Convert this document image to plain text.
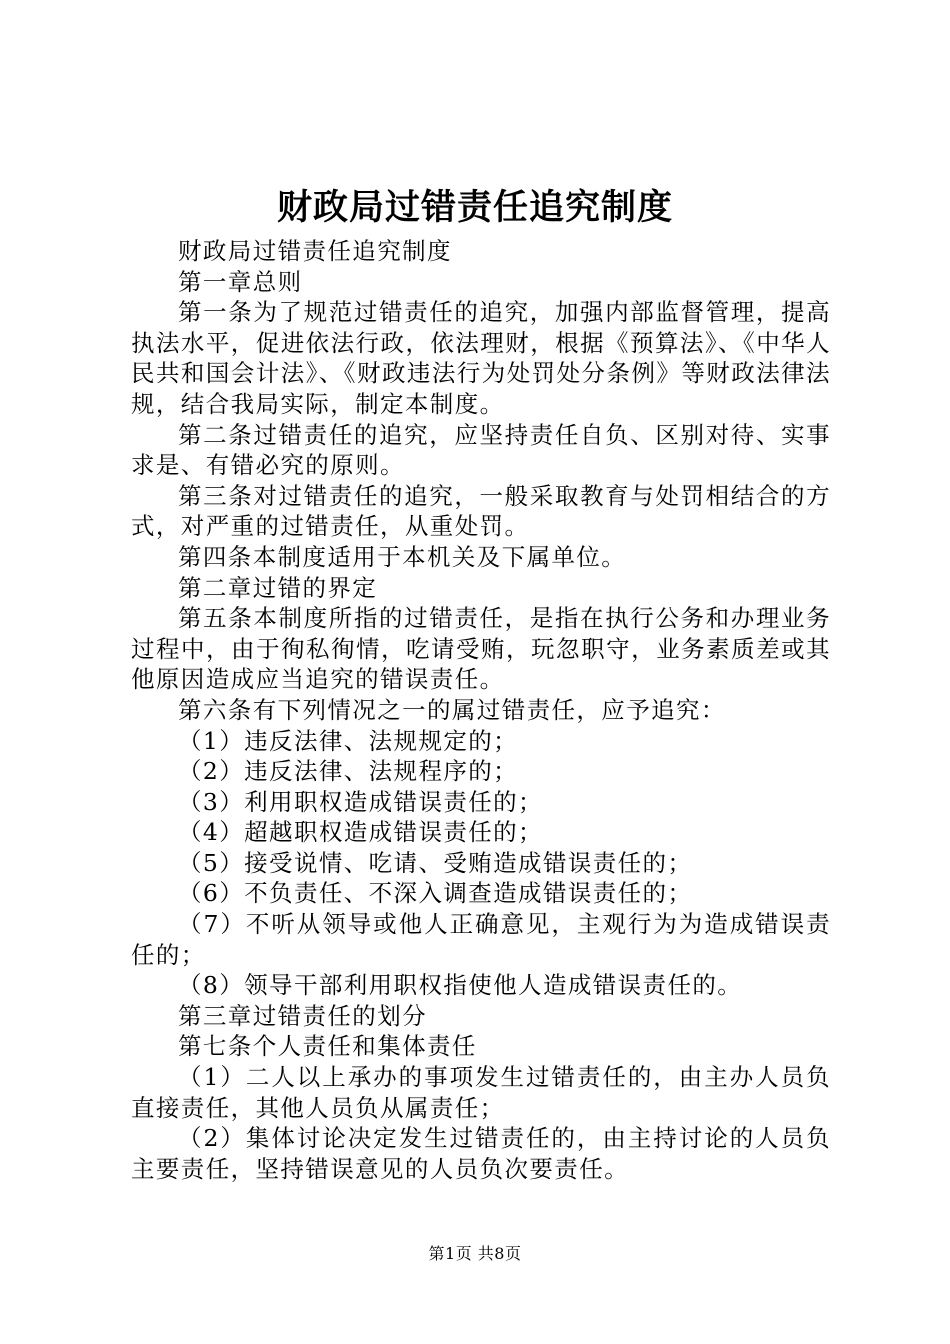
财政局过错责任追究制度

财政局过错责任追究制度

第一章总则

第一条为了规范过错责任的追究，加强内部监督管理，提高执法水平，促进依法行政，依法理财，根据《预算法》、《中华人民共和国会计法》、《财政违法行为处罚处分条例》等财政法律法规，结合我局实际，制定本制度。

第二条过错责任的追究，应坚持责任自负、区别对待、实事求是、有错必究的原则。

第三条对过错责任的追究，一般采取教育与处罚相结合的方式，对严重的过错责任，从重处罚。

第四条本制度适用于本机关及下属单位。

第二章过错的界定

第五条本制度所指的过错责任，是指在执行公务和办理业务过程中，由于徇私徇情，吃请受贿，玩忽职守，业务素质差或其他原因造成应当追究的错误责任。

第六条有下列情况之一的属过错责任，应予追究：

（1）违反法律、法规规定的；

（2）违反法律、法规程序的；

（3）利用职权造成错误责任的；

（4）超越职权造成错误责任的；

（5）接受说情、吃请、受贿造成错误责任的；

（6）不负责任、不深入调查造成错误责任的；

（7）不听从领导或他人正确意见，主观行为为造成错误责任的；

（8）领导干部利用职权指使他人造成错误责任的。

第三章过错责任的划分

第七条个人责任和集体责任

（1）二人以上承办的事项发生过错责任的，由主办人员负直接责任，其他人员负从属责任；

（2）集体讨论决定发生过错责任的，由主持讨论的人员负主要责任，坚持错误意见的人员负次要责任。

第1页 共8页
